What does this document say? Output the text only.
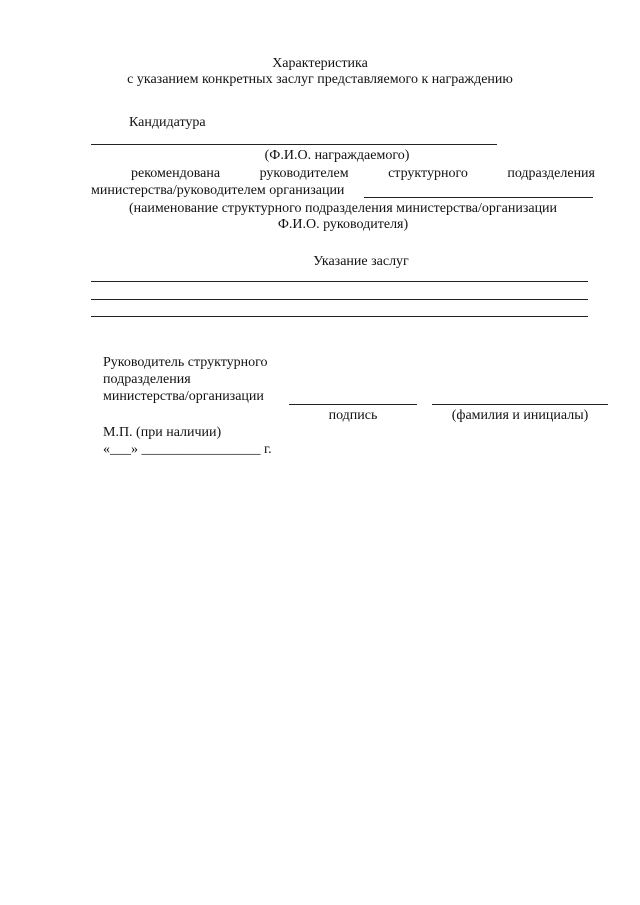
Характеристика
с указанием конкретных заслуг представляемого к награждению
Кандидатура
(Ф.И.О. награждаемого)
рекомендована	руководителем	структурного	подразделения
министерства/руководителем организации
(наименование структурного подразделения министерства/организации
Ф.И.О. руководителя)
Указание заслуг
Руководитель структурного
подразделения
министерства/организации
подпись	(фамилия и инициалы)
М.П. (при наличии)
«___» _________________ г.
